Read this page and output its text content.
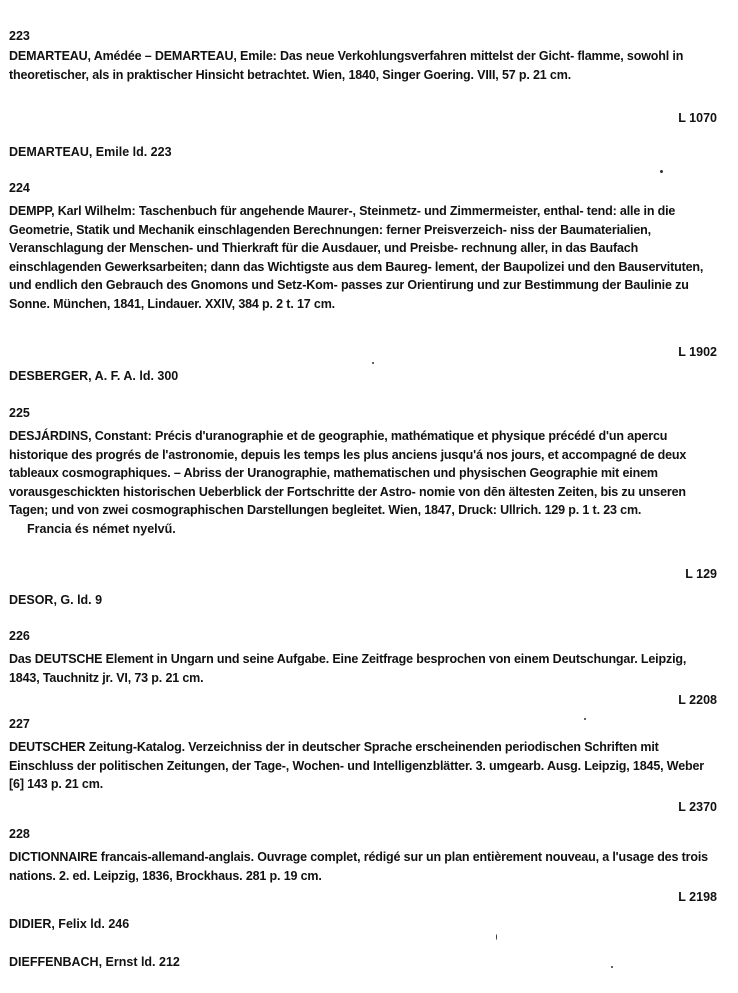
223
DEMARTEAU, Amédée – DEMARTEAU, Emile: Das neue Verkohlungsverfahren mittelst der Gicht- flamme, sowohl in theoretischer, als in praktischer Hinsicht betrachtet. Wien, 1840, Singer Goering. VIII, 57 p. 21 cm.
L 1070
DEMARTEAU, Emile ld. 223
224
DEMPP, Karl Wilhelm: Taschenbuch für angehende Maurer-, Steinmetz- und Zimmermeister, enthal- tend: alle in die Geometrie, Statik und Mechanik einschlagenden Berechnungen: ferner Preisverzeich- niss der Baumaterialien, Veranschlagung der Menschen- und Thierkraft für die Ausdauer, und Preisbe- rechnung aller, in das Baufach einschlagenden Gewerksarbeiten; dann das Wichtigste aus dem Baureg- lement, der Baupolizei und den Bauservituten, und endlich den Gebrauch des Gnomons und Setz-Kom- passes zur Orientirung und zur Bestimmung der Baulinie zu Sonne. München, 1841, Lindauer. XXIV, 384 p. 2 t. 17 cm.
L 1902
DESBERGER, A. F. A. ld. 300
225
DESJÁRDINS, Constant: Précis d'uranographie et de geographie, mathématique et physique précédé d'un apercu historique des progrés de l'astronomie, depuis les temps les plus anciens jusqu'á nos jours, et accompagné de deux tableaux cosmographiques. – Abriss der Uranographie, mathematischen und physischen Geographie mit einem vorausgeschickten historischen Ueberblick der Fortschritte der Astro- nomie von dēn ältesten Zeiten, bis zu unseren Tagen; und von zwei cosmographischen Darstellungen begleitet. Wien, 1847, Druck: Ullrich. 129 p. 1 t. 23 cm.
Francia és német nyelvű.
L 129
DESOR, G. ld. 9
226
Das DEUTSCHE Element in Ungarn und seine Aufgabe. Eine Zeitfrage besprochen von einem Deutschungar. Leipzig, 1843, Tauchnitz jr. VI, 73 p. 21 cm.
L 2208
227
DEUTSCHER Zeitung-Katalog. Verzeichniss der in deutscher Sprache erscheinenden periodischen Schriften mit Einschluss der politischen Zeitungen, der Tage-, Wochen- und Intelligenzblätter. 3. umgearb. Ausg. Leipzig, 1845, Weber [6] 143 p. 21 cm.
L 2370
228
DICTIONNAIRE francais-allemand-anglais. Ouvrage complet, rédigé sur un plan entièrement nouveau, a l'usage des trois nations. 2. ed. Leipzig, 1836, Brockhaus. 281 p. 19 cm.
L 2198
DIDIER, Felix ld. 246
DIEFFENBACH, Ernst ld. 212
